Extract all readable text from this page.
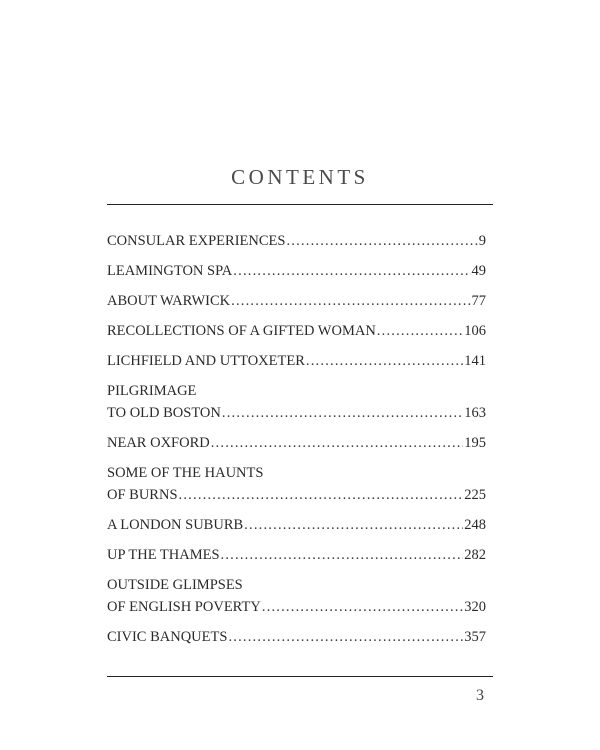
CONTENTS
CONSULAR EXPERIENCES .....	9
LEAMINGTON SPA .....	49
ABOUT WARWICK .....	77
RECOLLECTIONS OF A GIFTED WOMAN .....	106
LICHFIELD AND UTTOXETER .....	141
PILGRIMAGE
TO OLD BOSTON .....	163
NEAR OXFORD .....	195
SOME OF THE HAUNTS
OF BURNS .....	225
A LONDON SUBURB .....	248
UP THE THAMES .....	282
OUTSIDE GLIMPSES
OF ENGLISH POVERTY .....	320
CIVIC BANQUETS .....	357
3
